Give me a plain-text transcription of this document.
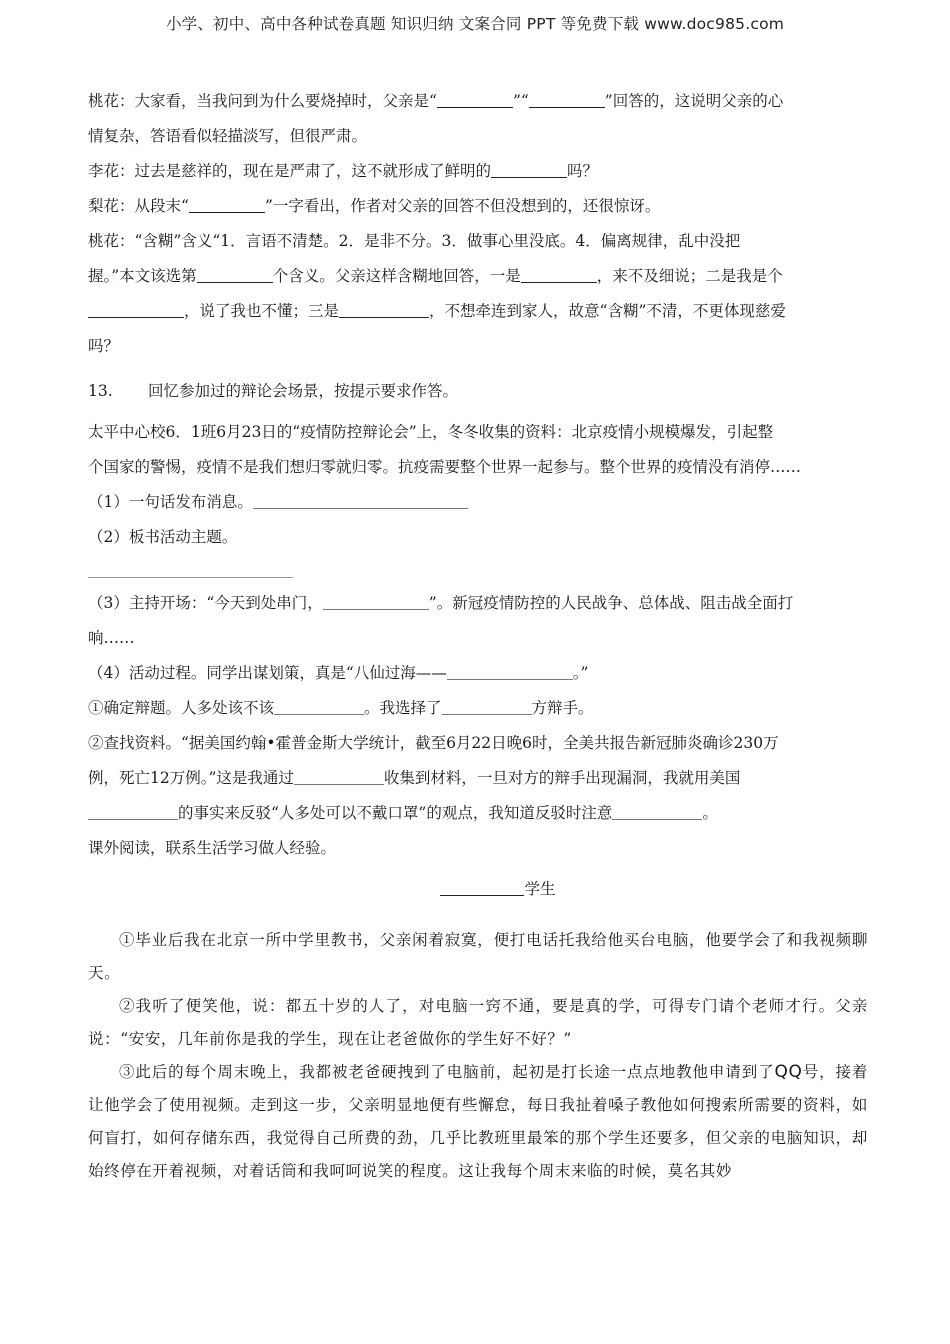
小学、初中、高中各种试卷真题 知识归纳 文案合同 PPT 等免费下载 www.doc985.com

桃花：大家看，当我问到为什么要烧掉时，父亲是“	”“	”回答的，这说明父亲的心

情复杂，答语看似轻描淡写，但很严肃。

李花：过去是慈祥的，现在是严肃了，这不就形成了鲜明的	吗？

梨花：从段末“	”一字看出，作者对父亲的回答不但没想到的，还很惊讶。

桃花：“含糊”含义“1．言语不清楚。2．是非不分。3．做事心里没底。4．偏离规律，乱中没把

握。”本文该选第	个含义。父亲这样含糊地回答，一是	，来不及细说；二是我是个

，说了我也不懂；三是	，不想牵连到家人，故意“含糊”不清，不更体现慈爱

吗？

13. 回忆参加过的辩论会场景，按提示要求作答。

太平中心校6．1班6月23日的“疫情防控辩论会”上，冬冬收集的资料：北京疫情小规模爆发，引起整

个国家的警惕，疫情不是我们想归零就归零。抗疫需要整个世界一起参与。整个世界的疫情没有消停……

（1）一句话发布消息。

（2）板书活动主题。

（3）主持开场：“今天到处串门，	”。新冠疫情防控的人民战争、总体战、阻击战全面打

响……

（4）活动过程。同学出谋划策，真是“八仙过海——	。”

①确定辩题。人多处该不该	。我选择了	方辩手。

②查找资料。“据美国约翰•霍普金斯大学统计，截至6月22日晚6时，全美共报告新冠肺炎确诊230万

例，死亡12万例。”这是我通过	收集到材料，一旦对方的辩手出现漏洞，我就用美国

的事实来反驳“人多处可以不戴口罩”的观点，我知道反驳时注意	。

课外阅读，联系生活学习做人经验。

学生

①毕业后我在北京一所中学里教书，父亲闲着寂寞，便打电话托我给他买台电脑，他要学会了和我视频聊天。

②我听了便笑他，说：都五十岁的人了，对电脑一窍不通，要是真的学，可得专门请个老师才行。父亲说：“安安，几年前你是我的学生，现在让老爸做你的学生好不好？”

③此后的每个周末晚上，我都被老爸硬拽到了电脑前，起初是打长途一点点地教他申请到了QQ号，接着让他学会了使用视频。走到这一步，父亲明显地便有些懈怠，每日我扯着嗓子教他如何搜索所需要的资料，如何盲打，如何存储东西，我觉得自己所费的劲，几乎比教班里最笨的那个学生还要多，但父亲的电脑知识，却始终停在开着视频，对着话筒和我呵呵说笑的程度。这让我每个周末来临的时候，莫名其妙
